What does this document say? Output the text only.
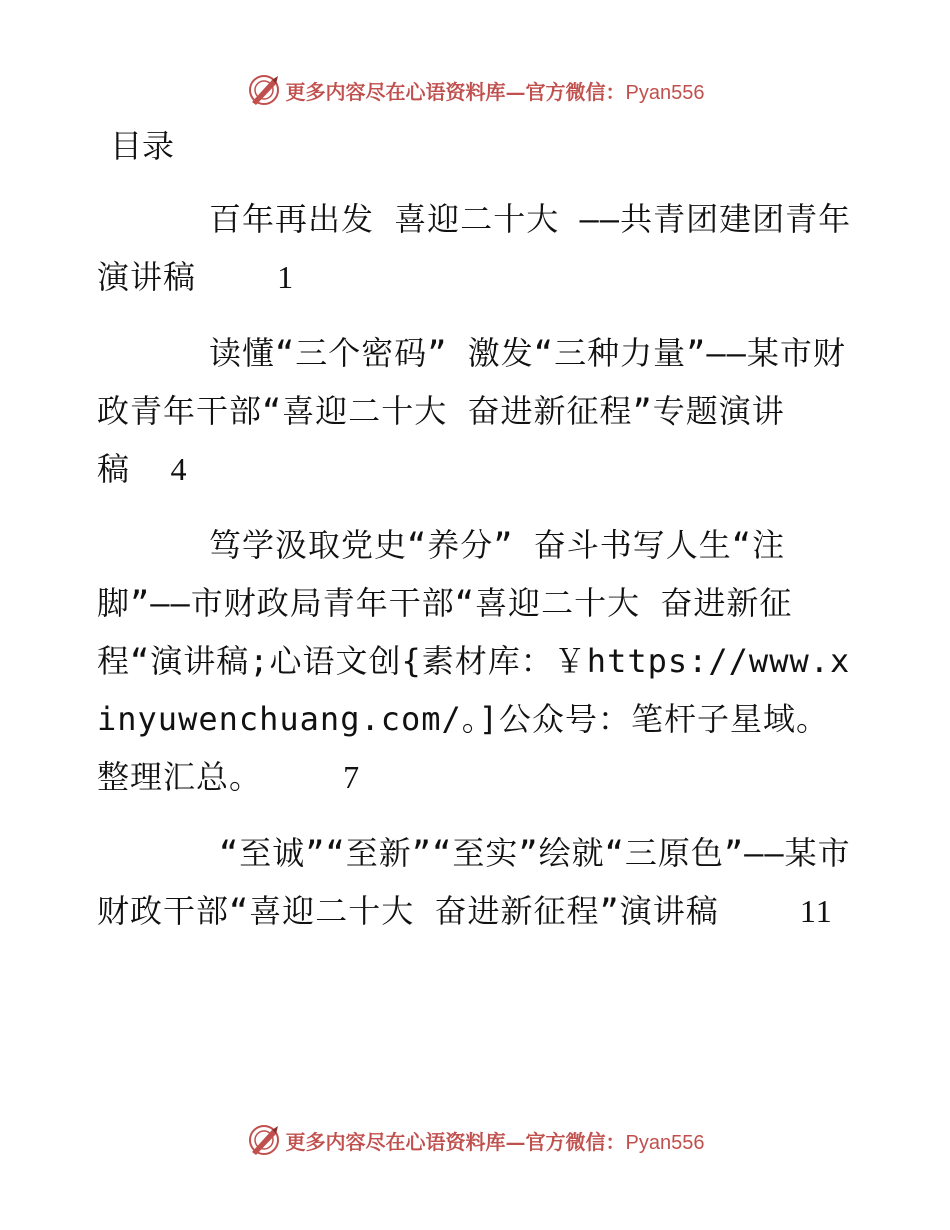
更多内容尽在心语资料库—官方微信：Pyan556
目录
百年再出发 喜迎二十大 ——共青团建团青年演讲稿	1
读懂“三个密码” 激发“三种力量”——某市财政青年干部“喜迎二十大 奋进新征程”专题演讲稿 4
笃学汲取党史“养分” 奋斗书写人生“注脚”——市财政局青年干部“喜迎二十大 奋进新征程“演讲稿;心语文创{素材库：￥https://www.xinyuwenchuang.com/。]公众号：笔杆子星域。整理汇总。	7
“至诚”“至新”“至实”绘就“三原色”——某市财政干部“喜迎二十大 奋进新征程”演讲稿	11
更多内容尽在心语资料库—官方微信：Pyan556
